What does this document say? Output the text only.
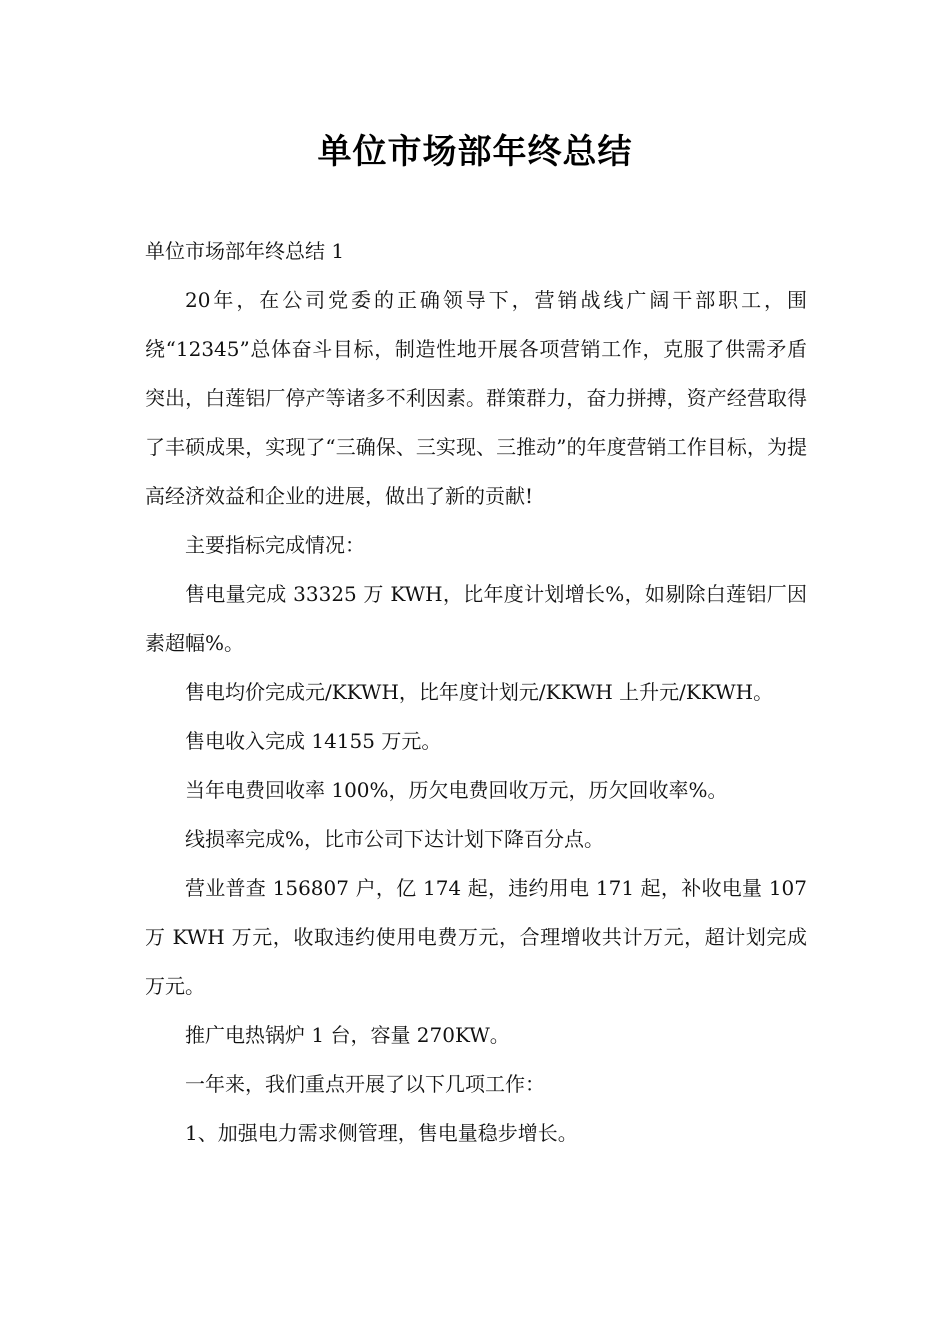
单位市场部年终总结

单位市场部年终总结 1

20年，在公司党委的正确领导下，营销战线广阔干部职工，围绕“12345”总体奋斗目标，制造性地开展各项营销工作，克服了供需矛盾突出，白莲铝厂停产等诸多不利因素。群策群力，奋力拼搏，资产经营取得了丰硕成果，实现了“三确保、三实现、三推动”的年度营销工作目标，为提高经济效益和企业的进展，做出了新的贡献!

主要指标完成情况：

售电量完成 33325 万 KWH，比年度计划增长%，如剔除白莲铝厂因素超幅%。

售电均价完成元/KKWH，比年度计划元/KKWH 上升元/KKWH。

售电收入完成 14155 万元。

当年电费回收率 100%，历欠电费回收万元，历欠回收率%。

线损率完成%，比市公司下达计划下降百分点。

营业普查 156807 户，亿 174 起，违约用电 171 起，补收电量 107 万 KWH 万元，收取违约使用电费万元，合理增收共计万元，超计划完成万元。

推广电热锅炉 1 台，容量 270KW。

一年来，我们重点开展了以下几项工作：

1、加强电力需求侧管理，售电量稳步增长。
